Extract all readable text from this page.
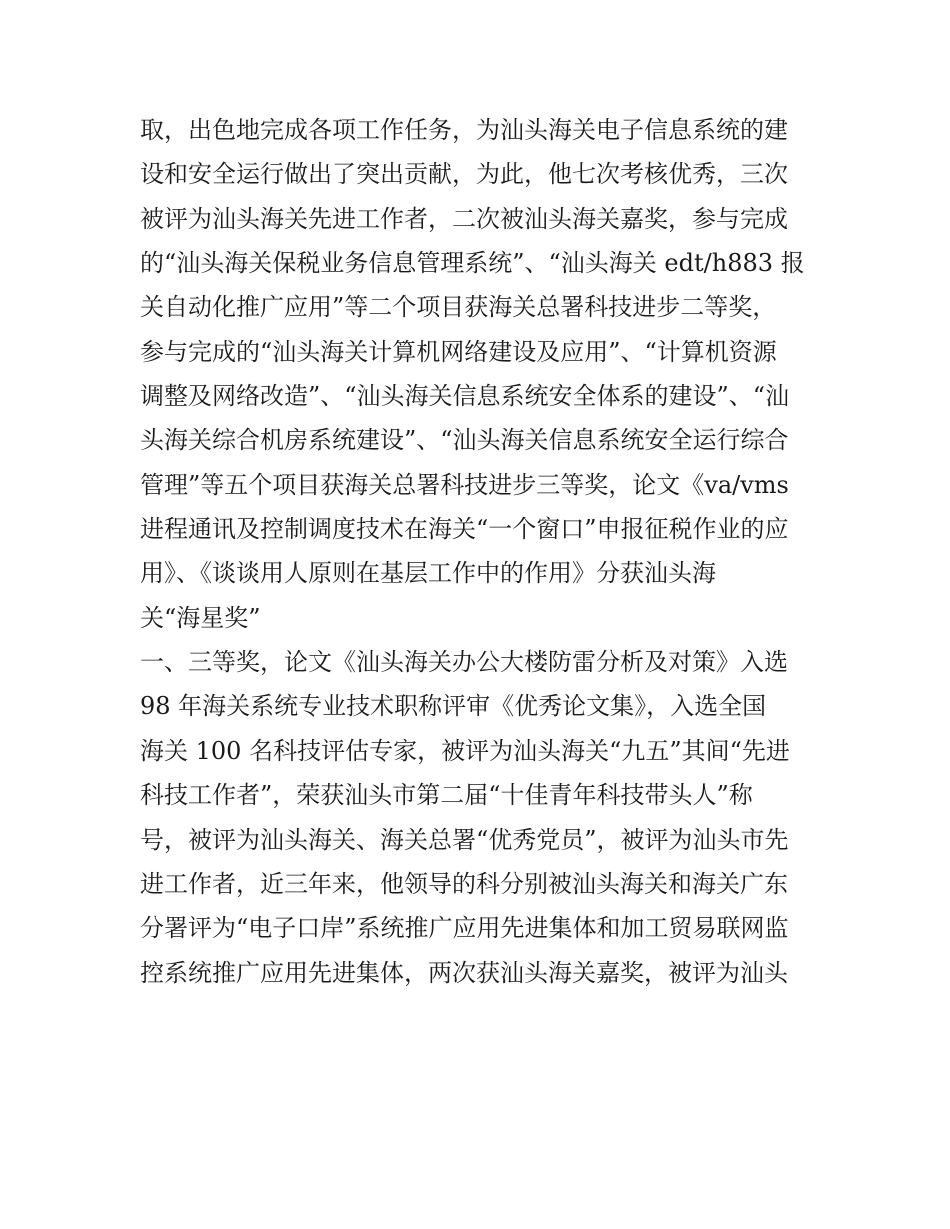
取，出色地完成各项工作任务，为汕头海关电子信息系统的建
设和安全运行做出了突出贡献，为此，他七次考核优秀，三次
被评为汕头海关先进工作者，二次被汕头海关嘉奖，参与完成
的“汕头海关保税业务信息管理系统”、“汕头海关 edt/h883 报
关自动化推广应用”等二个项目获海关总署科技进步二等奖，
参与完成的“汕头海关计算机网络建设及应用”、“计算机资源
调整及网络改造”、“汕头海关信息系统安全体系的建设”、“汕
头海关综合机房系统建设”、“汕头海关信息系统安全运行综合
管理”等五个项目获海关总署科技进步三等奖，论文《va/vms
进程通讯及控制调度技术在海关“一个窗口”申报征税作业的应
用》、《谈谈用人原则在基层工作中的作用》分获汕头海
关“海星奖”
一、三等奖，论文《汕头海关办公大楼防雷分析及对策》入选
98 年海关系统专业技术职称评审《优秀论文集》，入选全国
海关 100 名科技评估专家，被评为汕头海关“九五”其间“先进
科技工作者”，荣获汕头市第二届“十佳青年科技带头人”称
号，被评为汕头海关、海关总署“优秀党员”，被评为汕头市先
进工作者，近三年来，他领导的科分别被汕头海关和海关广东
分署评为“电子口岸”系统推广应用先进集体和加工贸易联网监
控系统推广应用先进集体，两次获汕头海关嘉奖，被评为汕头
